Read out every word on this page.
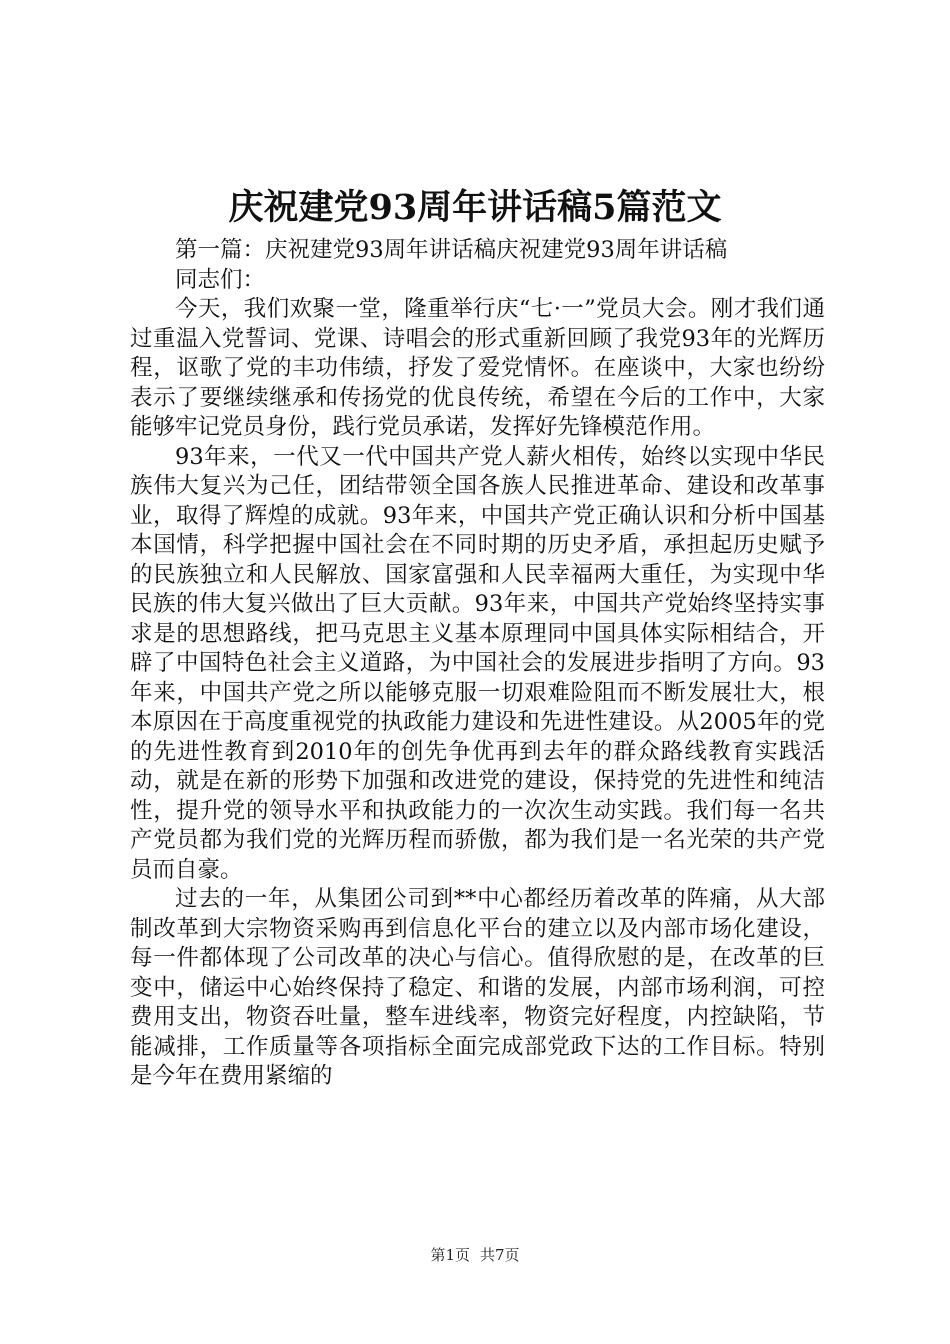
庆祝建党93周年讲话稿5篇范文

第一篇：庆祝建党93周年讲话稿庆祝建党93周年讲话稿

同志们：

今天，我们欢聚一堂，隆重举行庆“七·一”党员大会。刚才我们通过重温入党誓词、党课、诗唱会的形式重新回顾了我党93年的光辉历程，讴歌了党的丰功伟绩，抒发了爱党情怀。在座谈中，大家也纷纷表示了要继续继承和传扬党的优良传统，希望在今后的工作中，大家能够牢记党员身份，践行党员承诺，发挥好先锋模范作用。

93年来，一代又一代中国共产党人薪火相传，始终以实现中华民族伟大复兴为己任，团结带领全国各族人民推进革命、建设和改革事业，取得了辉煌的成就。93年来，中国共产党正确认识和分析中国基本国情，科学把握中国社会在不同时期的历史矛盾，承担起历史赋予的民族独立和人民解放、国家富强和人民幸福两大重任，为实现中华民族的伟大复兴做出了巨大贡献。93年来，中国共产党始终坚持实事求是的思想路线，把马克思主义基本原理同中国具体实际相结合，开辟了中国特色社会主义道路，为中国社会的发展进步指明了方向。93年来，中国共产党之所以能够克服一切艰难险阻而不断发展壮大，根本原因在于高度重视党的执政能力建设和先进性建设。从2005年的党的先进性教育到2010年的创先争优再到去年的群众路线教育实践活动，就是在新的形势下加强和改进党的建设，保持党的先进性和纯洁性，提升党的领导水平和执政能力的一次次生动实践。我们每一名共产党员都为我们党的光辉历程而骄傲，都为我们是一名光荣的共产党员而自豪。

过去的一年，从集团公司到**中心都经历着改革的阵痛，从大部制改革到大宗物资采购再到信息化平台的建立以及内部市场化建设，每一件都体现了公司改革的决心与信心。值得欣慰的是，在改革的巨变中，储运中心始终保持了稳定、和谐的发展，内部市场利润，可控费用支出，物资吞吐量，整车进线率，物资完好程度，内控缺陷，节能减排，工作质量等各项指标全面完成部党政下达的工作目标。特别是今年在费用紧缩的

第1页 共7页
